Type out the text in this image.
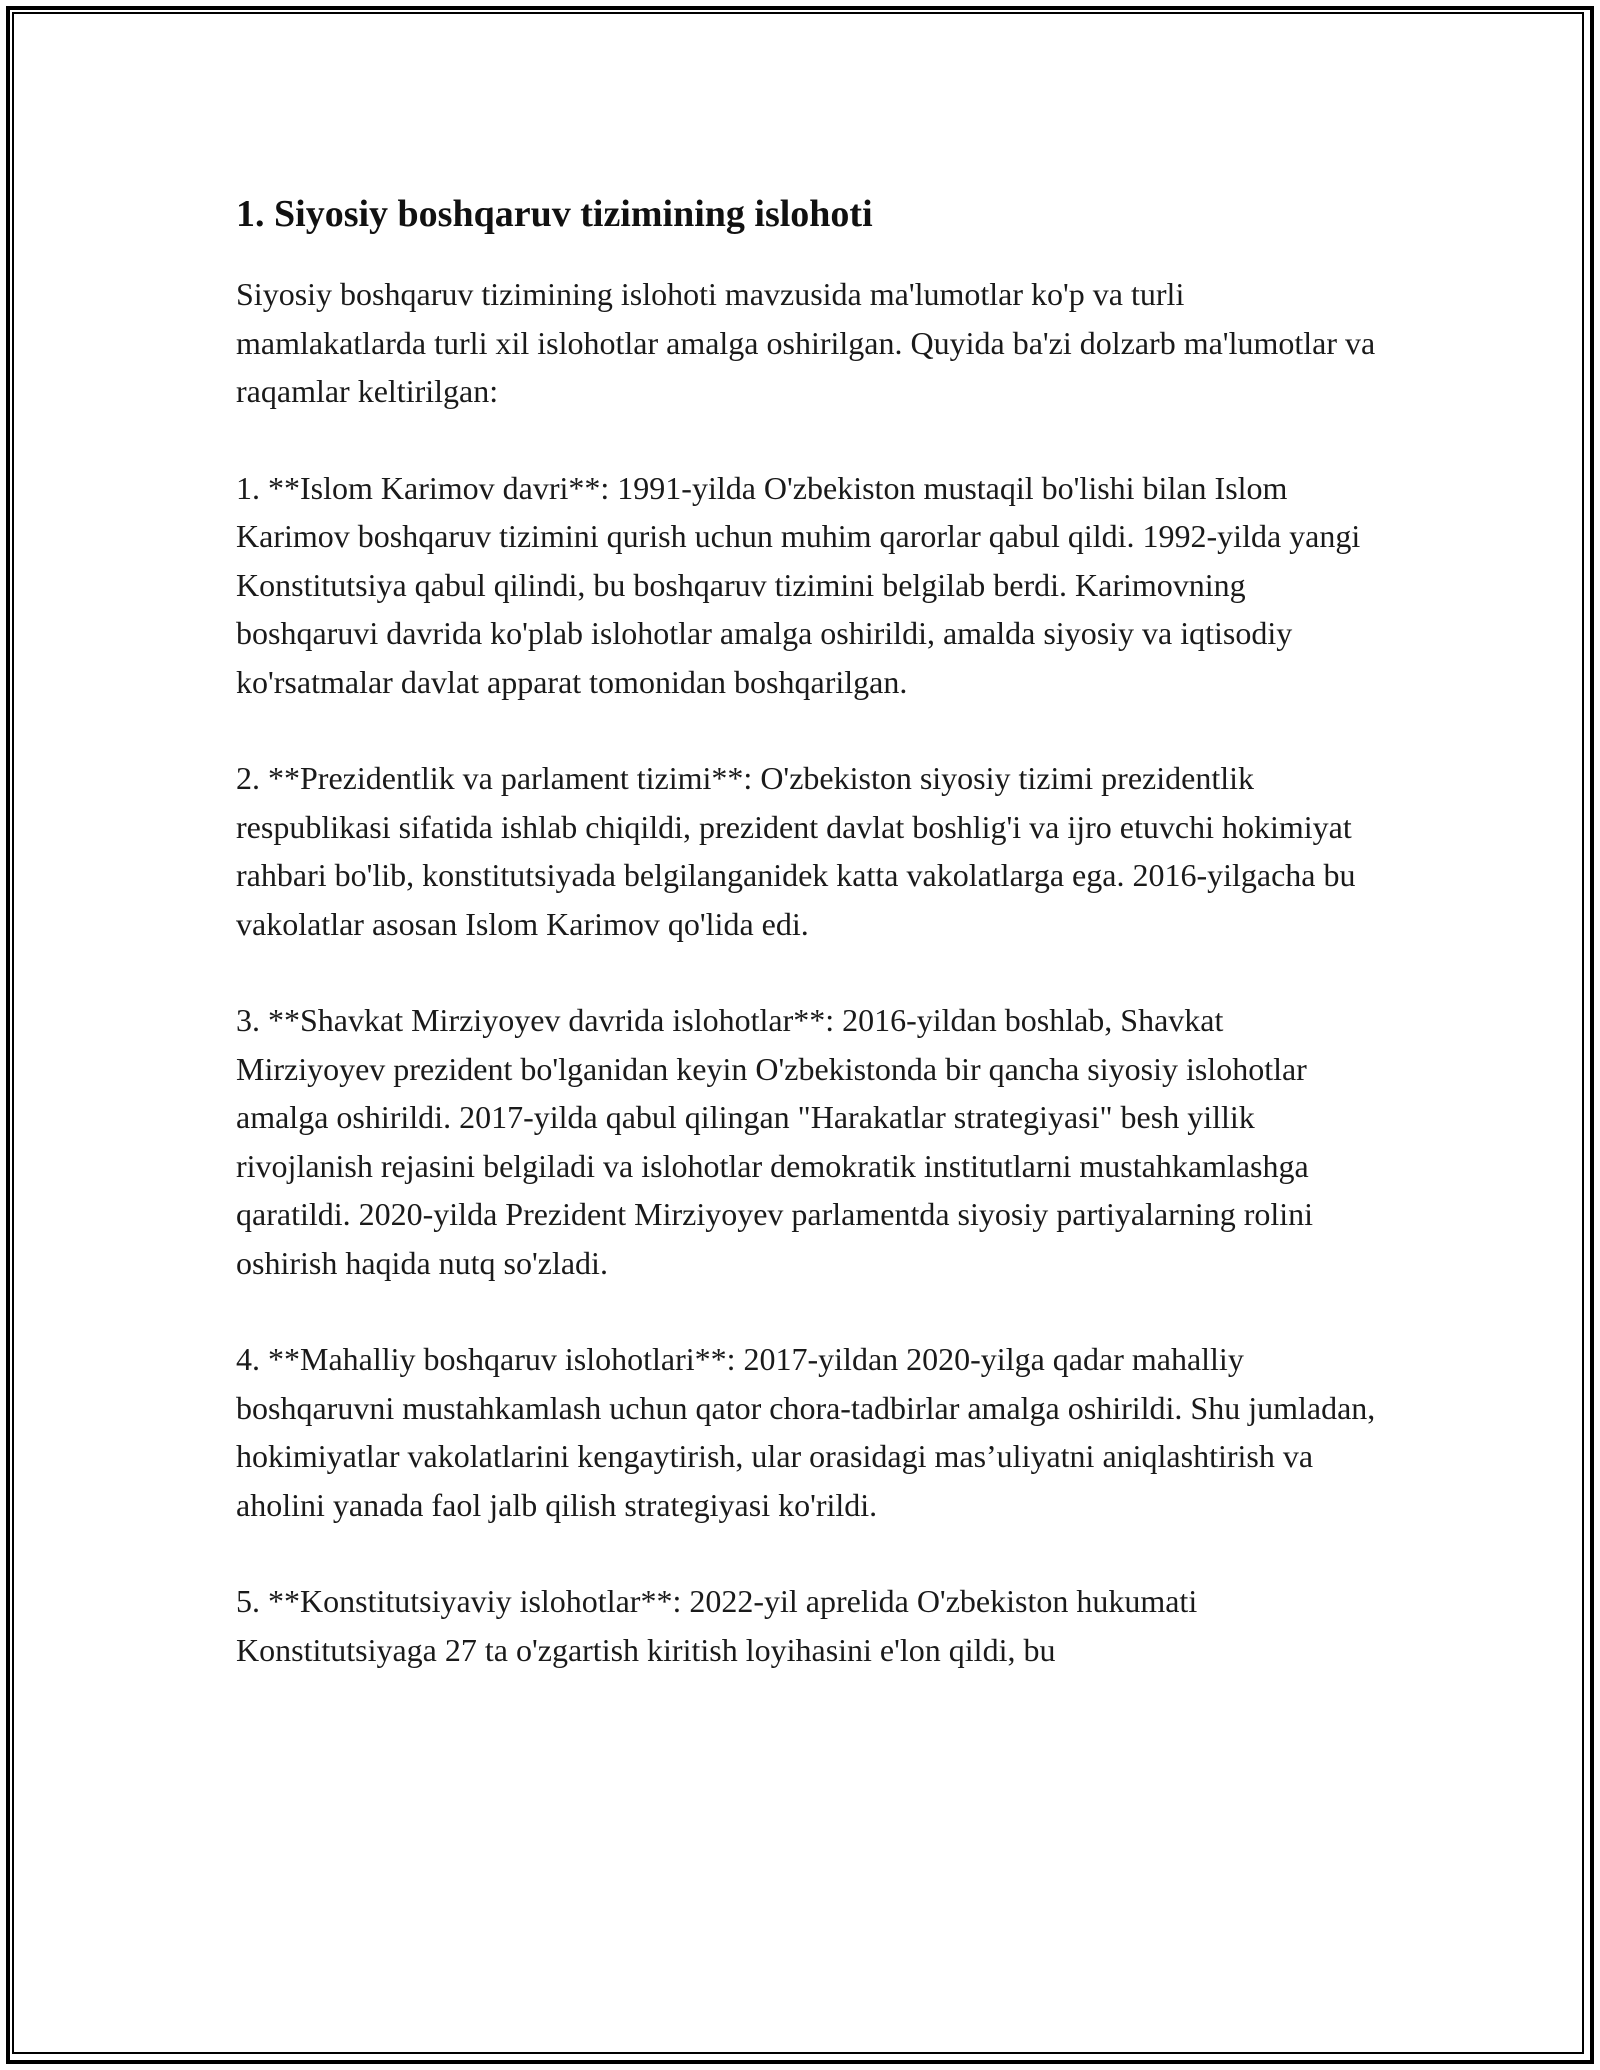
1. Siyosiy boshqaruv tizimining islohoti

Siyosiy boshqaruv tizimining islohoti mavzusida ma'lumotlar ko'p va turli mamlakatlarda turli xil islohotlar amalga oshirilgan. Quyida ba'zi dolzarb ma'lumotlar va raqamlar keltirilgan:

1. **Islom Karimov davri**: 1991-yilda O'zbekiston mustaqil bo'lishi bilan Islom Karimov boshqaruv tizimini qurish uchun muhim qarorlar qabul qildi. 1992-yilda yangi Konstitutsiya qabul qilindi, bu boshqaruv tizimini belgilab berdi. Karimovning boshqaruvi davrida ko'plab islohotlar amalga oshirildi, amalda siyosiy va iqtisodiy ko'rsatmalar davlat apparat tomonidan boshqarilgan.

2. **Prezidentlik va parlament tizimi**: O'zbekiston siyosiy tizimi prezidentlik respublikasi sifatida ishlab chiqildi, prezident davlat boshlig'i va ijro etuvchi hokimiyat rahbari bo'lib, konstitutsiyada belgilanganidek katta vakolatlarga ega. 2016-yilgacha bu vakolatlar asosan Islom Karimov qo'lida edi.

3. **Shavkat Mirziyoyev davrida islohotlar**: 2016-yildan boshlab, Shavkat Mirziyoyev prezident bo'lganidan keyin O'zbekistonda bir qancha siyosiy islohotlar amalga oshirildi. 2017-yilda qabul qilingan "Harakatlar strategiyasi" besh yillik rivojlanish rejasini belgiladi va islohotlar demokratik institutlarni mustahkamlashga qaratildi. 2020-yilda Prezident Mirziyoyev parlamentda siyosiy partiyalarning rolini oshirish haqida nutq so'zladi.

4. **Mahalliy boshqaruv islohotlari**: 2017-yildan 2020-yilga qadar mahalliy boshqaruvni mustahkamlash uchun qator chora-tadbirlar amalga oshirildi. Shu jumladan, hokimiyatlar vakolatlarini kengaytirish, ular orasidagi mas’uliyatni aniqlashtirish va aholini yanada faol jalb qilish strategiyasi ko'rildi.

5. **Konstitutsiyaviy islohotlar**: 2022-yil aprelida O'zbekiston hukumati Konstitutsiyaga 27 ta o'zgartish kiritish loyihasini e'lon qildi, bu
